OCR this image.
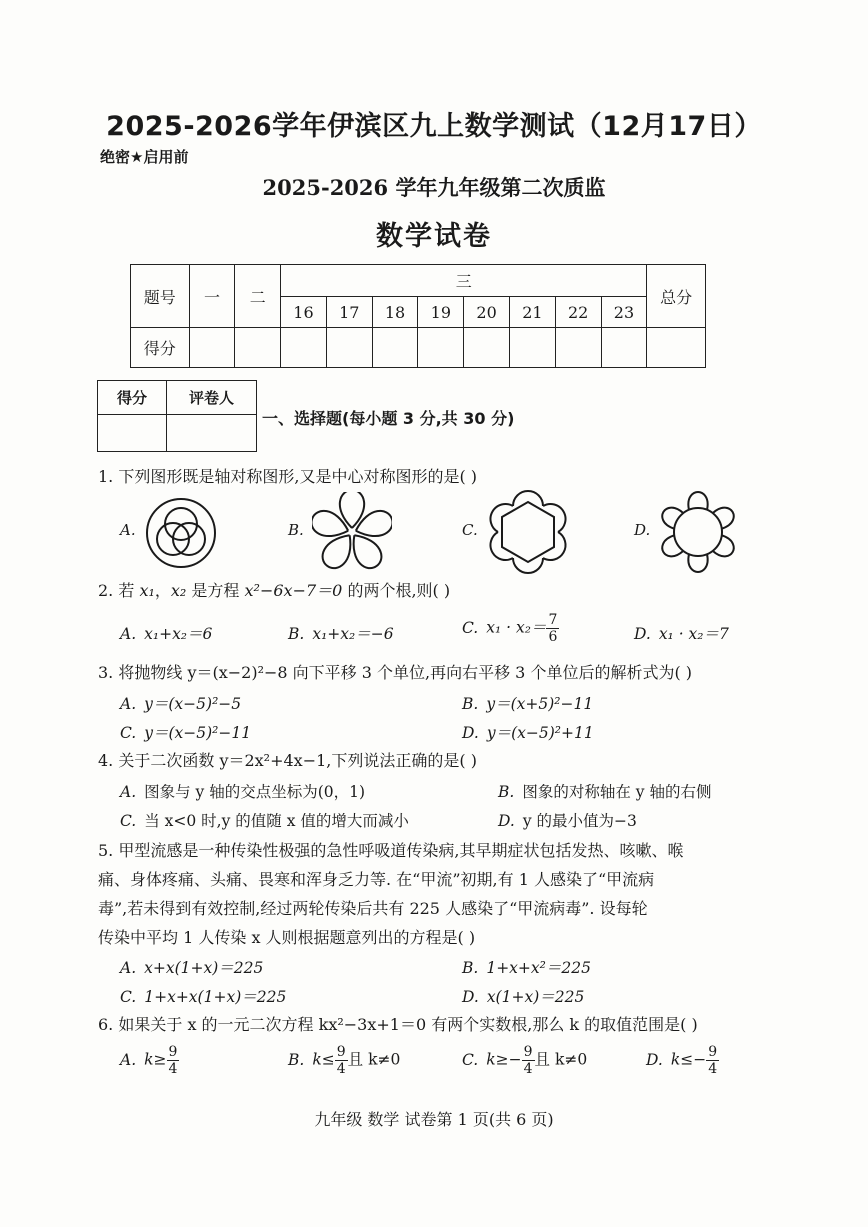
2025-2026学年伊滨区九上数学测试（12月17日）
绝密★启用前
2025-2026 学年九年级第二次质监
数学试卷
题号	一	二	三								总分
			16	17	18	19	20	21	22	23	
得分											
得分	评卷人

一、选择题(每小题 3 分,共 30 分)
1. 下列图形既是轴对称图形,又是中心对称图形的是( )
A.	B.	C.	D.
2. 若 x₁，x₂ 是方程 x²−6x−7＝0 的两个根,则( )
A. x₁+x₂＝6	B. x₁+x₂＝−6	C. $x_1 \cdot x_2= \frac{7}{6}$	D. x₁ · x₂＝7
3. 将抛物线 y＝(x−2)²−8 向下平移 3 个单位,再向右平移 3 个单位后的解析式为( )
A. y＝(x−5)²−5	B. y＝(x+5)²−11
C. y＝(x−5)²−11	D. y＝(x−5)²+11
4. 关于二次函数 y＝2x²+4x−1,下列说法正确的是( )
A. 图象与 y 轴的交点坐标为(0，1)	B. 图象的对称轴在 y 轴的右侧
C. 当 x<0 时,y 的值随 x 值的增大而减小	D. y 的最小值为−3
5. 甲型流感是一种传染性极强的急性呼吸道传染病,其早期症状包括发热、咳嗽、喉
痛、身体疼痛、头痛、畏寒和浑身乏力等. 在“甲流”初期,有 1 人感染了“甲流病
毒”,若未得到有效控制,经过两轮传染后共有 225 人感染了“甲流病毒”. 设每轮
传染中平均 1 人传染 x 人则根据题意列出的方程是( )
A. x+x(1+x)＝225	B. 1+x+x²＝225
C. 1+x+x(1+x)＝225	D. x(1+x)＝225
6. 如果关于 x 的一元二次方程 kx²−3x+1＝0 有两个实数根,那么 k 的取值范围是( )
A. $k\ge \frac{9}{4}$	B. $k\le \frac{9}{4}$ 且 k≠0	C. $k\ge- \frac{9}{4}$ 且 k≠0	D. $k\le- \frac{9}{4}$
九年级 数学 试卷第 1 页(共 6 页)
